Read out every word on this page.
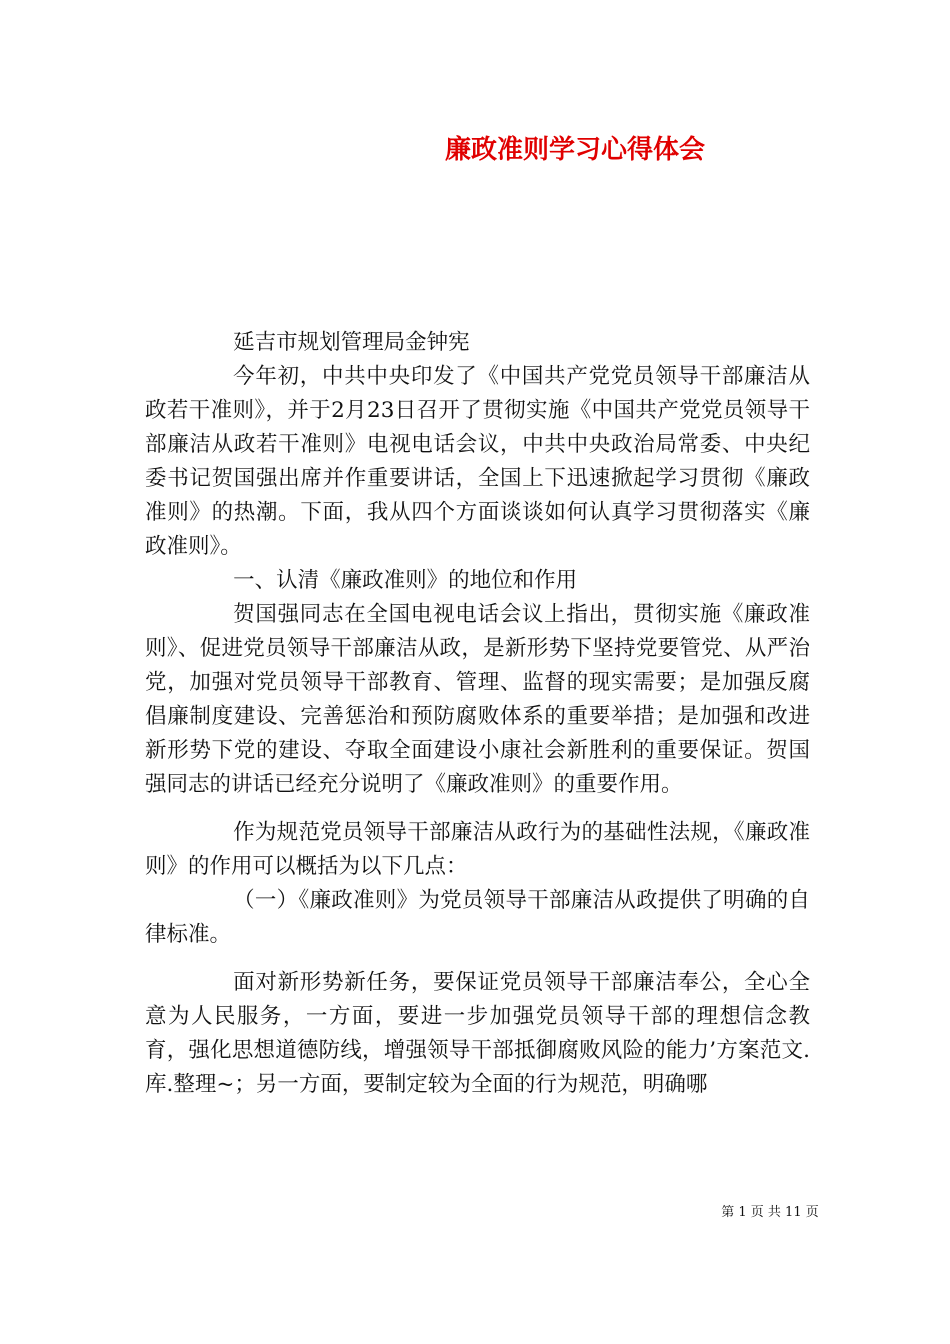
廉政准则学习心得体会

延吉市规划管理局金钟宪

今年初，中共中央印发了《中国共产党党员领导干部廉洁从政若干准则》，并于2月23日召开了贯彻实施《中国共产党党员领导干部廉洁从政若干准则》电视电话会议，中共中央政治局常委、中央纪委书记贺国强出席并作重要讲话，全国上下迅速掀起学习贯彻《廉政准则》的热潮。下面，我从四个方面谈谈如何认真学习贯彻落实《廉政准则》。

一、认清《廉政准则》的地位和作用

贺国强同志在全国电视电话会议上指出，贯彻实施《廉政准则》、促进党员领导干部廉洁从政，是新形势下坚持党要管党、从严治党，加强对党员领导干部教育、管理、监督的现实需要；是加强反腐倡廉制度建设、完善惩治和预防腐败体系的重要举措；是加强和改进新形势下党的建设、夺取全面建设小康社会新胜利的重要保证。贺国强同志的讲话已经充分说明了《廉政准则》的重要作用。

作为规范党员领导干部廉洁从政行为的基础性法规，《廉政准则》的作用可以概括为以下几点：

（一）《廉政准则》为党员领导干部廉洁从政提供了明确的自律标准。

面对新形势新任务，要保证党员领导干部廉洁奉公，全心全意为人民服务，一方面，要进一步加强党员领导干部的理想信念教育，强化思想道德防线，增强领导干部抵御腐败风险的能力’方案范文.库.整理~；另一方面，要制定较为全面的行为规范，明确哪

第 1 页 共 11 页
